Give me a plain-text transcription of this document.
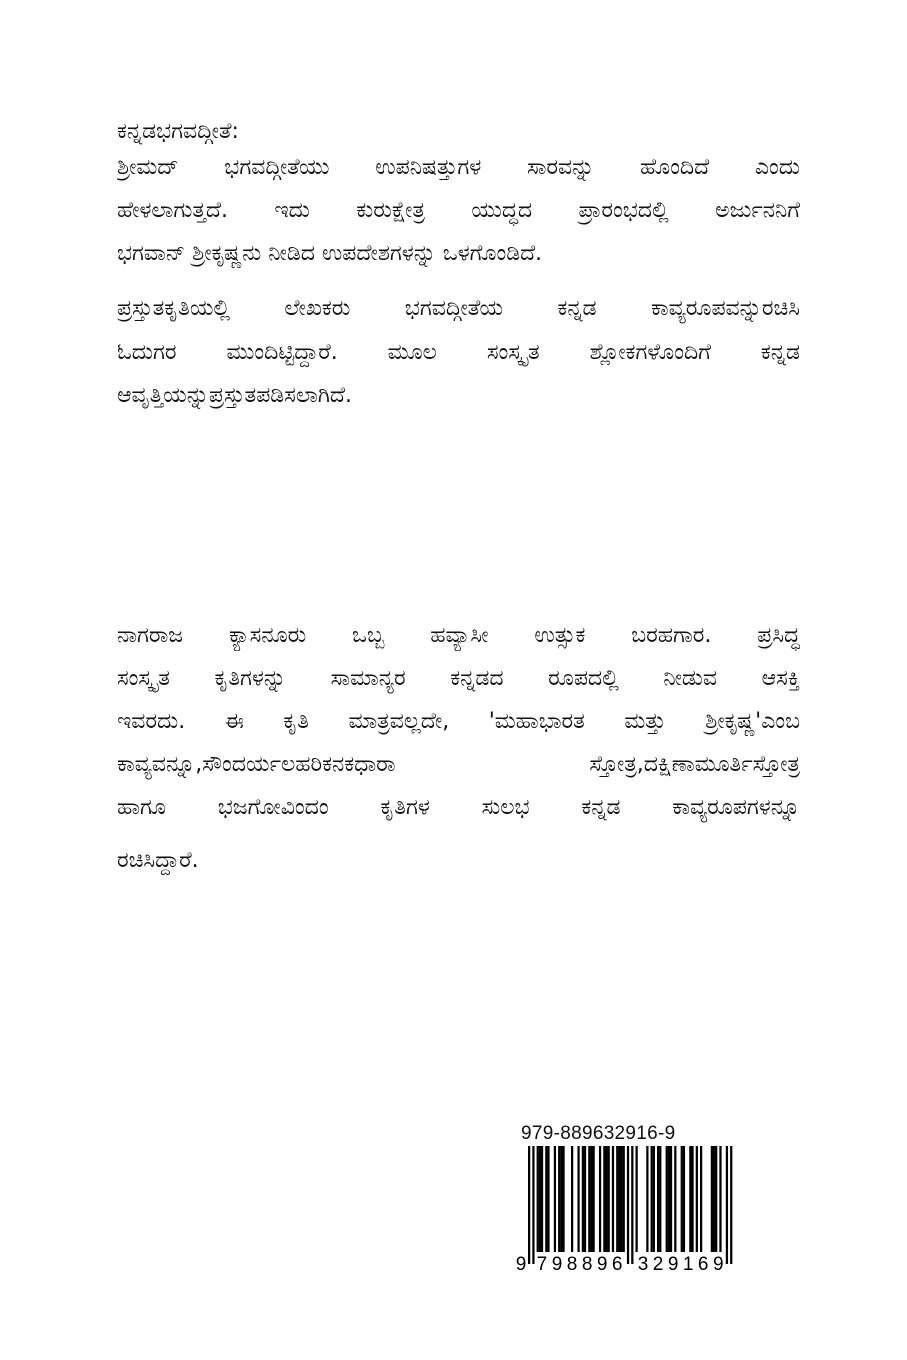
ಕನ್ನಡಭಗವದ್ಗೀತೆ:
ಶ್ರೀಮದ್ ಭಗವದ್ಗೀತೆಯು ಉಪನಿಷತ್ತುಗಳ ಸಾರವನ್ನು ಹೊಂದಿದೆ ಎಂದು
ಹೇಳಲಾಗುತ್ತದೆ. ಇದು ಕುರುಕ್ಷೇತ್ರ ಯುದ್ಧದ ಪ್ರಾರಂಭದಲ್ಲಿ ಅರ್ಜುನನಿಗೆ
ಭಗವಾನ್ ಶ್ರೀಕೃಷ್ಣನು ನೀಡಿದ ಉಪದೇಶಗಳನ್ನು ಒಳಗೊಂಡಿದೆ.
ಪ್ರಸ್ತುತಕೃತಿಯಲ್ಲಿ ಲೇಖಕರು ಭಗವದ್ಗೀತೆಯ ಕನ್ನಡ ಕಾವ್ಯರೂಪವನ್ನುರಚಿಸಿ
ಓದುಗರ ಮುಂದಿಟ್ಟಿದ್ದಾರೆ. ಮೂಲ ಸಂಸ್ಕೃತ ಶ್ಲೋಕಗಳೊಂದಿಗೆ ಕನ್ನಡ
ಆವೃತ್ತಿಯನ್ನುಪ್ರಸ್ತುತಪಡಿಸಲಾಗಿದೆ.
ನಾಗರಾಜ ಕ್ಯಾಸನೂರು ಒಬ್ಬ ಹವ್ಯಾಸೀ ಉತ್ಸುಕ ಬರಹಗಾರ. ಪ್ರಸಿದ್ಧ
ಸಂಸ್ಕೃತ ಕೃತಿಗಳನ್ನು ಸಾಮಾನ್ಯರ ಕನ್ನಡದ ರೂಪದಲ್ಲಿ ನೀಡುವ ಆಸಕ್ತಿ
ಇವರದು. ಈ ಕೃತಿ ಮಾತ್ರವಲ್ಲದೇ, 'ಮಹಾಭಾರತ ಮತ್ತು ಶ್ರೀಕೃಷ್ಣ'ಎಂಬ
ಕಾವ್ಯವನ್ನೂ,ಸೌಂದರ್ಯಲಹರಿಕನಕಧಾರಾ ಸ್ತೋತ್ರ,ದಕ್ಷಿಣಾಮೂರ್ತಿಸ್ತೋತ್ರ
ಹಾಗೂ ಭಜಗೋವಿಂದಂ ಕೃತಿಗಳ ಸುಲಭ ಕನ್ನಡ ಕಾವ್ಯರೂಪಗಳನ್ನೂ
ರಚಿಸಿದ್ದಾರೆ.
979-889632916-9
9 7 9 8 8 9 6 3 2 9 1 6 9
